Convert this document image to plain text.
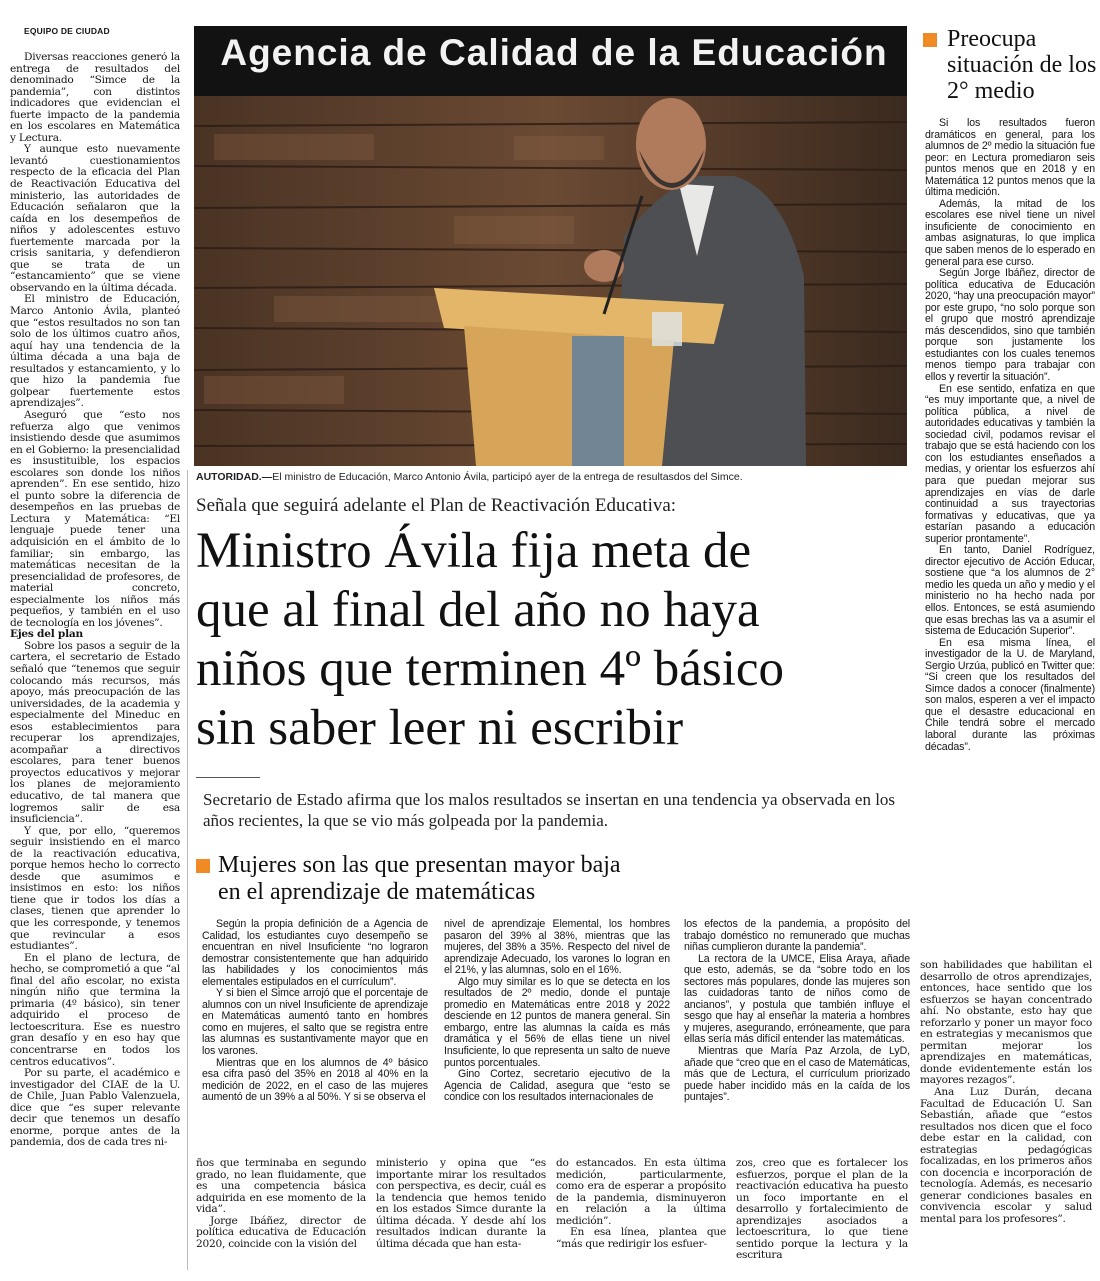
EQUIPO DE CIUDAD

Diversas reacciones generó la entrega de resultados del denominado “Simce de la pandemia”, con distintos indicadores que evidencian el fuerte impacto de la pandemia en los escolares en Matemática y Lectura.

Y aunque esto nuevamente levantó cuestionamientos respecto de la eficacia del Plan de Reactivación Educativa del ministerio, las autoridades de Educación señalaron que la caída en los desempeños de niños y adolescentes estuvo fuertemente marcada por la crisis sanitaria, y defendieron que se trata de un “estancamiento” que se viene observando en la última década.

El ministro de Educación, Marco Antonio Ávila, planteó que “estos resultados no son tan solo de los últimos cuatro años, aquí hay una tendencia de la última década a una baja de resultados y estancamiento, y lo que hizo la pandemia fue golpear fuertemente estos aprendizajes”.

Aseguró que “esto nos refuerza algo que venimos insistiendo desde que asumimos en el Gobierno: la presencialidad es insustituible, los espacios escolares son donde los niños aprenden”. En ese sentido, hizo el punto sobre la diferencia de desempeños en las pruebas de Lectura y Matemática: “El lenguaje puede tener una adquisición en el ámbito de lo familiar; sin embargo, las matemáticas necesitan de la presencialidad de profesores, de material concreto, especialmente los niños más pequeños, y también en el uso de tecnología en los jóvenes”.

Ejes del plan

Sobre los pasos a seguir de la cartera, el secretario de Estado señaló que “tenemos que seguir colocando más recursos, más apoyo, más preocupación de las universidades, de la academia y especialmente del Mineduc en esos establecimientos para recuperar los aprendizajes, acompañar a directivos escolares, para tener buenos proyectos educativos y mejorar los planes de mejoramiento educativo, de tal manera que logremos salir de esa insuficiencia”.

Y que, por ello, “queremos seguir insistiendo en el marco de la reactivación educativa, porque hemos hecho lo correcto desde que asumimos e insistimos en esto: los niños tiene que ir todos los días a clases, tienen que aprender lo que les corresponde, y tenemos que revincular a esos estudiantes”.

En el plano de lectura, de hecho, se comprometió a que “al final del año escolar, no exista ningún niño que termina la primaria (4º básico), sin tener adquirido el proceso de lectoescritura. Ese es nuestro gran desafío y en eso hay que concentrarse en todos los centros educativos”.

Por su parte, el académico e investigador del CIAE de la U. de Chile, Juan Pablo Valenzuela, dice que “es super relevante decir que tenemos un desafío enorme, porque antes de la pandemia, dos de cada tres ni-

Agencia de Calidad de la Educación
AUTORIDAD.—El ministro de Educación, Marco Antonio Ávila, participó ayer de la entrega de resultasdos del Simce.
Señala que seguirá adelante el Plan de Reactivación Educativa:
Ministro Ávila fija meta de
que al final del año no haya
niños que terminen 4º básico
sin saber leer ni escribir
Secretario de Estado afirma que los malos resultados se insertan en una tendencia ya observada en los años recientes, la que se vio más golpeada por la pandemia.
Preocupa situación de los 2° medio

Si los resultados fueron dramáticos en general, para los alumnos de 2º medio la situación fue peor: en Lectura promediaron seis puntos menos que en 2018 y en Matemática 12 puntos menos que la última medición.

Además, la mitad de los escolares ese nivel tiene un nivel insuficiente de conocimiento en ambas asignaturas, lo que implica que saben menos de lo esperado en general para ese curso.

Según Jorge Ibáñez, director de política educativa de Educación 2020, “hay una preocupación mayor” por este grupo, “no solo porque son el grupo que mostró aprendizaje más descendidos, sino que también porque son justamente los estudiantes con los cuales tenemos menos tiempo para trabajar con ellos y revertir la situación”.

En ese sentido, enfatiza en que “es muy importante que, a nivel de política pública, a nivel de autoridades educativas y también la sociedad civil, podamos revisar el trabajo que se está haciendo con los con los estudiantes enseñados a medias, y orientar los esfuerzos ahí para que puedan mejorar sus aprendizajes en vías de darle continuidad a sus trayectorias formativas y educativas, que ya estarían pasando a educación superior prontamente”.

En tanto, Daniel Rodríguez, director ejecutivo de Acción Educar, sostiene que “a los alumnos de 2° medio les queda un año y medio y el ministerio no ha hecho nada por ellos. Entonces, se está asumiendo que esas brechas las va a asumir el sistema de Educación Superior”.

En esa misma línea, el investigador de la U. de Maryland, Sergio Urzúa, publicó en Twitter que: “Si creen que los resultados del Simce dados a conocer (finalmente) son malos, esperen a ver el impacto que el desastre educacional en Chile tendrá sobre el mercado laboral durante las próximas décadas”.

Mujeres son las que presentan mayor baja
en el aprendizaje de matemáticas

Según la propia definición de a Agencia de Calidad, los estudiantes cuyo desempeño se encuentran en nivel Insuficiente “no lograron demostrar consistentemente que han adquirido las habilidades y los conocimientos más elementales estipulados en el currículum”.

Y si bien el Simce arrojó que el porcentaje de alumnos con un nivel Insuficiente de aprendizaje en Matemáticas aumentó tanto en hombres como en mujeres, el salto que se registra entre las alumnas es sustantivamente mayor que en los varones.

Mientras que en los alumnos de 4º básico esa cifra pasó del 35% en 2018 al 40% en la medición de 2022, en el caso de las mujeres aumentó de un 39% a al 50%. Y si se observa el

nivel de aprendizaje Elemental, los hombres pasaron del 39% al 38%, mientras que las mujeres, del 38% a 35%. Respecto del nivel de aprendizaje Adecuado, los varones lo logran en el 21%, y las alumnas, solo en el 16%.

Algo muy similar es lo que se detecta en los resultados de 2º medio, donde el puntaje promedio en Matemáticas entre 2018 y 2022 desciende en 12 puntos de manera general. Sin embargo, entre las alumnas la caída es más dramática y el 56% de ellas tiene un nivel Insuficiente, lo que representa un salto de nueve puntos porcentuales.

Gino Cortez, secretario ejecutivo de la Agencia de Calidad, asegura que “esto se condice con los resultados internacionales de

los efectos de la pandemia, a propósito del trabajo doméstico no remunerado que muchas niñas cumplieron durante la pandemia”.

La rectora de la UMCE, Elisa Araya, añade que esto, además, se da “sobre todo en los sectores más populares, donde las mujeres son las cuidadoras tanto de niños como de ancianos”, y postula que también influye el sesgo que hay al enseñar la materia a hombres y mujeres, asegurando, erróneamente, que para ellas sería más difícil entender las matemáticas.

Mientras que María Paz Arzola, de LyD, añade que “creo que en el caso de Matemáticas, más que de Lectura, el currículum priorizado puede haber incidido más en la caída de los puntajes”.

ños que terminaba en segundo grado, no lean fluidamente, que es una competencia básica adquirida en ese momento de la vida”.

Jorge Ibáñez, director de política educativa de Educación 2020, coincide con la visión del

ministerio y opina que “es importante mirar los resultados con perspectiva, es decir, cuál es la tendencia que hemos tenido en los estados Simce durante la última década. Y desde ahí los resultados indican durante la última década que han esta-

do estancados. En esta última medición, particularmente, como era de esperar a propósito de la pandemia, disminuyeron en relación a la última medición”.

En esa línea, plantea que “más que redirigir los esfuer-

zos, creo que es fortalecer los esfuerzos, porque el plan de la reactivación educativa ha puesto un foco importante en el desarrollo y fortalecimiento de aprendizajes asociados a lectoescritura, lo que tiene sentido porque la lectura y la escritura

son habilidades que habilitan el desarrollo de otros aprendizajes, entonces, hace sentido que los esfuerzos se hayan concentrado ahí. No obstante, esto hay que reforzarlo y poner un mayor foco en estrategias y mecanismos que permitan mejorar los aprendizajes en matemáticas, donde evidentemente están los mayores rezagos”.

Ana Luz Durán, decana Facultad de Educación U. San Sebastián, añade que “estos resultados nos dicen que el foco debe estar en la calidad, con estrategias pedagógicas focalizadas, en los primeros años con docencia e incorporación de tecnología. Además, es necesario generar condiciones basales en convivencia escolar y salud mental para los profesores”.
